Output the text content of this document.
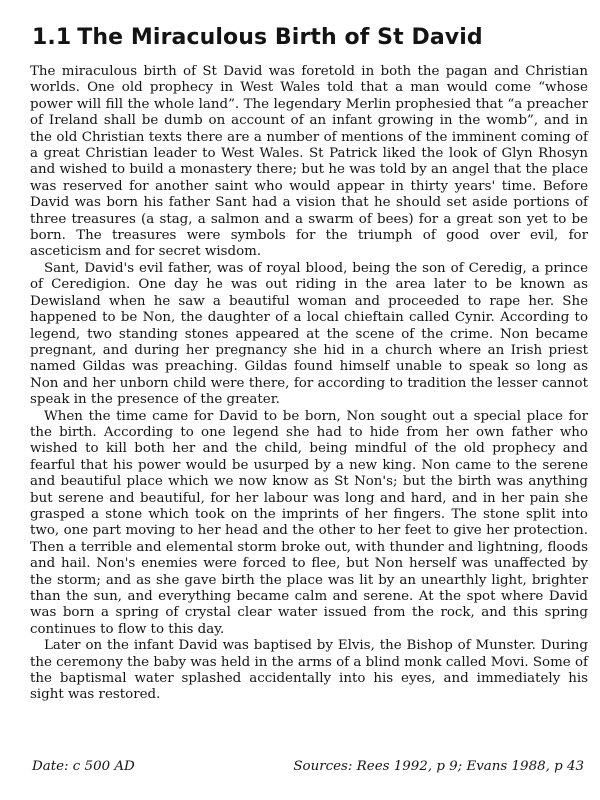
1.1 The Miraculous Birth of St David

The miraculous birth of St David was foretold in both the pagan and Christian worlds. One old prophecy in West Wales told that a man would come “whose power will fill the whole land”. The legendary Merlin prophesied that “a preacher of Ireland shall be dumb on account of an infant growing in the womb”, and in the old Christian texts there are a number of mentions of the imminent coming of a great Christian leader to West Wales. St Patrick liked the look of Glyn Rhosyn and wished to build a monastery there; but he was told by an angel that the place was reserved for another saint who would appear in thirty years' time. Before David was born his father Sant had a vision that he should set aside portions of three treasures (a stag, a salmon and a swarm of bees) for a great son yet to be born. The treasures were symbols for the triumph of good over evil, for asceticism and for secret wisdom.

Sant, David's evil father, was of royal blood, being the son of Ceredig, a prince of Ceredigion. One day he was out riding in the area later to be known as Dewisland when he saw a beautiful woman and proceeded to rape her. She happened to be Non, the daughter of a local chieftain called Cynir. According to legend, two standing stones appeared at the scene of the crime. Non became pregnant, and during her pregnancy she hid in a church where an Irish priest named Gildas was preaching. Gildas found himself unable to speak so long as Non and her unborn child were there, for according to tradition the lesser cannot speak in the presence of the greater.

When the time came for David to be born, Non sought out a special place for the birth. According to one legend she had to hide from her own father who wished to kill both her and the child, being mindful of the old prophecy and fearful that his power would be usurped by a new king. Non came to the serene and beautiful place which we now know as St Non's; but the birth was anything but serene and beautiful, for her labour was long and hard, and in her pain she grasped a stone which took on the imprints of her fingers. The stone split into two, one part moving to her head and the other to her feet to give her protection. Then a terrible and elemental storm broke out, with thunder and lightning, floods and hail. Non's enemies were forced to flee, but Non herself was unaffected by the storm; and as she gave birth the place was lit by an unearthly light, brighter than the sun, and everything became calm and serene. At the spot where David was born a spring of crystal clear water issued from the rock, and this spring continues to flow to this day.

Later on the infant David was baptised by Elvis, the Bishop of Munster. During the ceremony the baby was held in the arms of a blind monk called Movi. Some of the baptismal water splashed accidentally into his eyes, and immediately his sight was restored.

Date: c 500 AD	Sources: Rees 1992, p 9; Evans 1988, p 43
